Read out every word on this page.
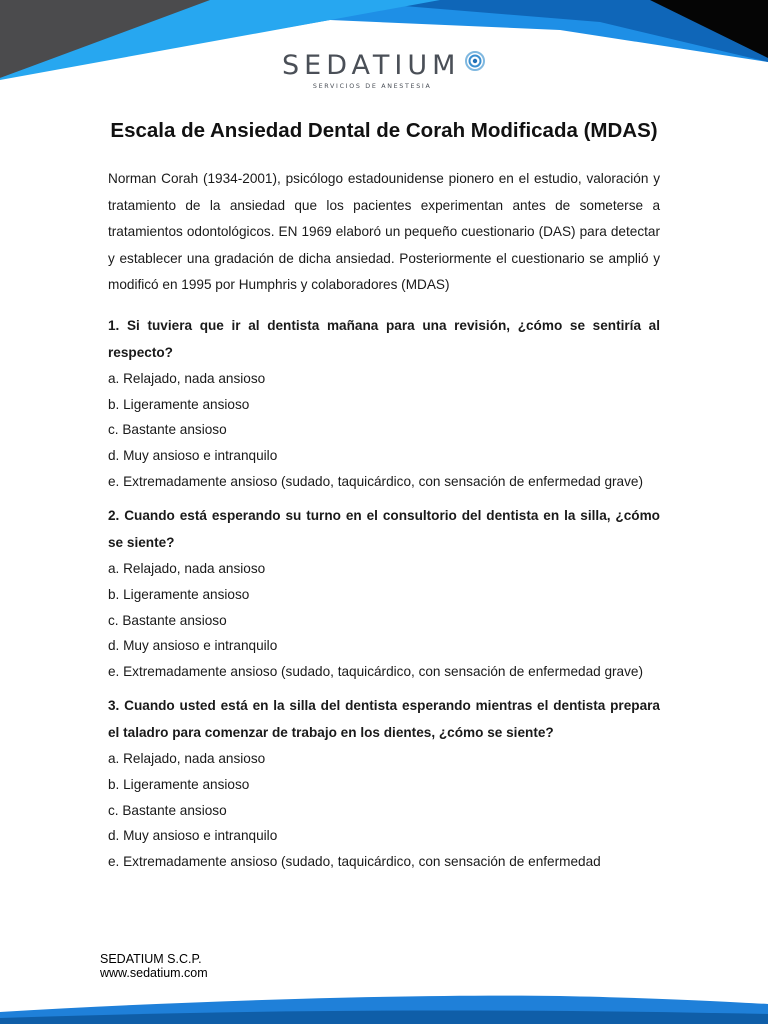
SEDATIUM
SERVICIOS DE ANESTESIA
Escala de Ansiedad Dental de Corah Modificada (MDAS)

Norman Corah (1934-2001), psicólogo estadounidense pionero en el estudio, valoración y tratamiento de la ansiedad que los pacientes experimentan antes de someterse a tratamientos odontológicos. EN 1969 elaboró un pequeño cuestionario (DAS) para detectar y establecer una gradación de dicha ansiedad. Posteriormente el cuestionario se amplió y modificó en 1995 por Humphris y colaboradores (MDAS)

1. Si tuviera que ir al dentista mañana para una revisión, ¿cómo se sentiría al respecto?

a. Relajado, nada ansioso

b. Ligeramente ansioso

c. Bastante ansioso

d. Muy ansioso e intranquilo

e. Extremadamente ansioso (sudado, taquicárdico, con sensación de enfermedad grave)

2. Cuando está esperando su turno en el consultorio del dentista en la silla, ¿cómo se siente?

a. Relajado, nada ansioso

b. Ligeramente ansioso

c. Bastante ansioso

d. Muy ansioso e intranquilo

e. Extremadamente ansioso (sudado, taquicárdico, con sensación de enfermedad grave)

3. Cuando usted está en la silla del dentista esperando mientras el dentista prepara el taladro para comenzar de trabajo en los dientes, ¿cómo se siente?

a. Relajado, nada ansioso

b. Ligeramente ansioso

c. Bastante ansioso

d. Muy ansioso e intranquilo

e. Extremadamente ansioso (sudado, taquicárdico, con sensación de enfermedad

SEDATIUM S.C.P.
www.sedatium.com
